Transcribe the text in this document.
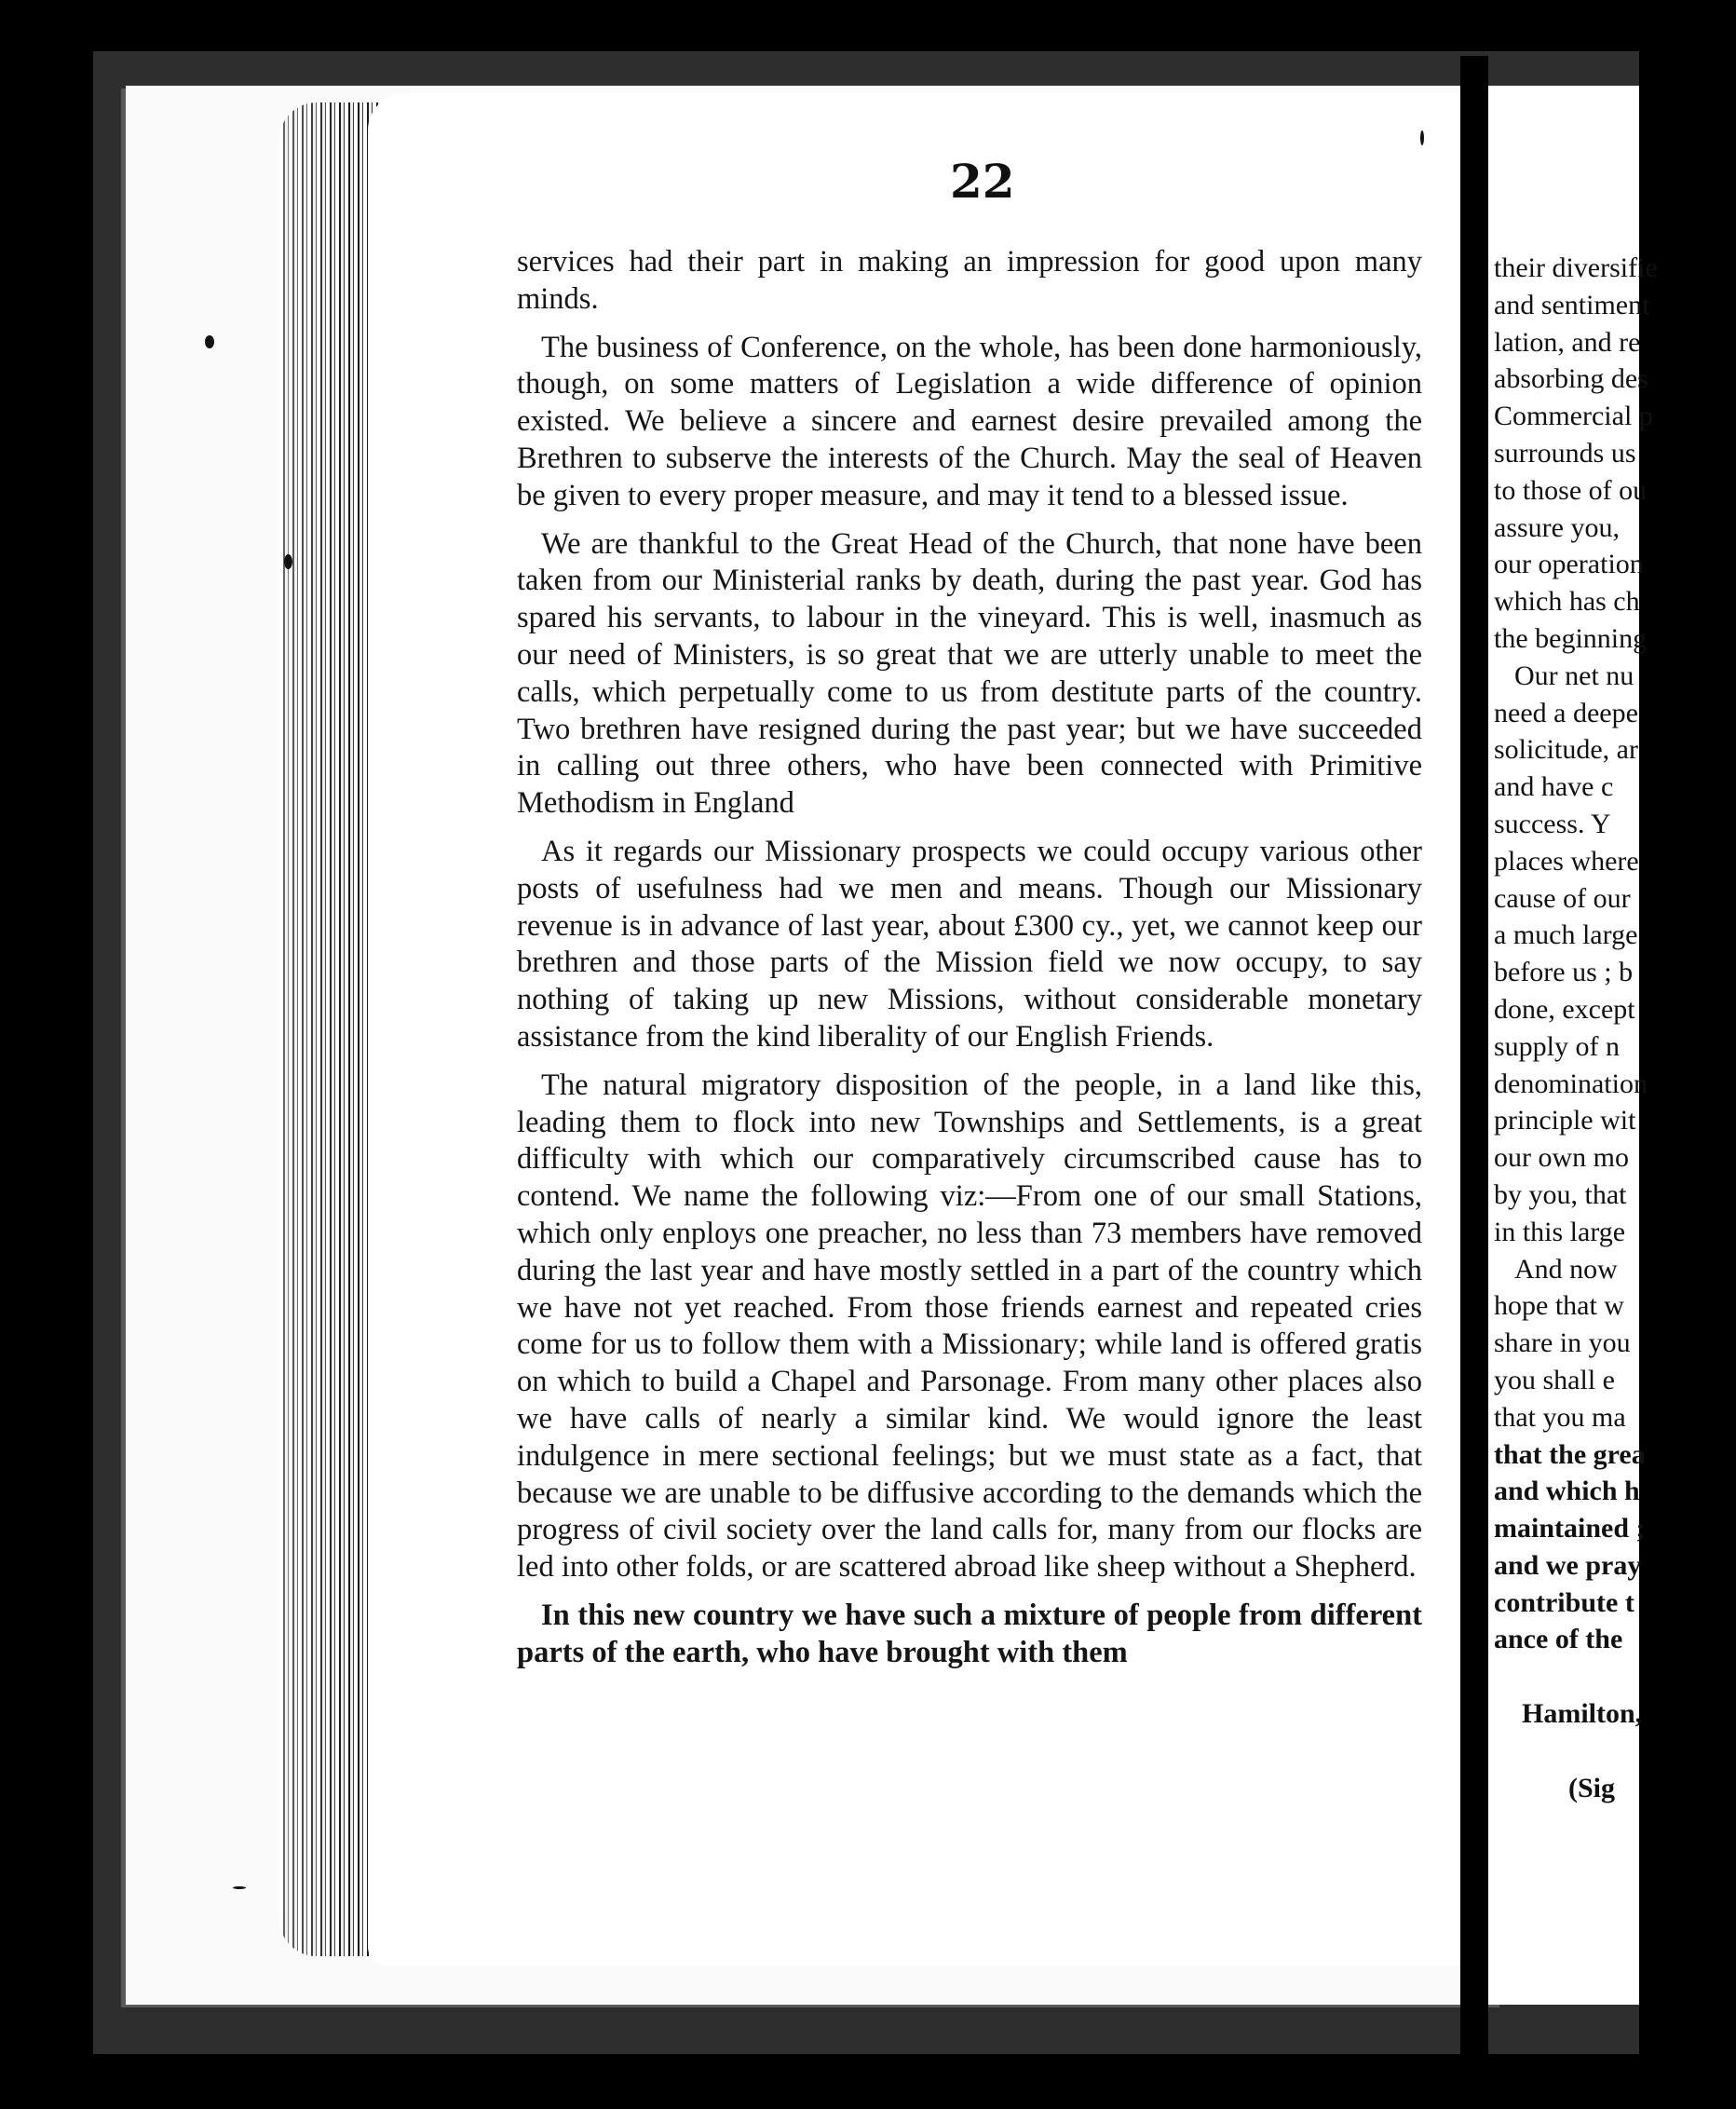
22

services had their part in making an impression for good upon many minds.

The business of Conference, on the whole, has been done harmoniously, though, on some matters of Legislation a wide difference of opinion existed. We believe a sincere and earnest desire prevailed among the Brethren to subserve the interests of the Church. May the seal of Heaven be given to every proper measure, and may it tend to a blessed issue.

We are thankful to the Great Head of the Church, that none have been taken from our Ministerial ranks by death, during the past year. God has spared his servants, to labour in the vineyard. This is well, inasmuch as our need of Ministers, is so great that we are utterly unable to meet the calls, which perpetually come to us from destitute parts of the country. Two brethren have resigned during the past year; but we have succeeded in calling out three others, who have been connected with Primitive Methodism in England

As it regards our Missionary prospects we could occupy various other posts of usefulness had we men and means. Though our Missionary revenue is in advance of last year, about £300 cy., yet, we cannot keep our brethren and those parts of the Mission field we now occupy, to say nothing of taking up new Missions, without considerable monetary assistance from the kind liberality of our English Friends.

The natural migratory disposition of the people, in a land like this, leading them to flock into new Townships and Settlements, is a great difficulty with which our comparatively circumscribed cause has to contend. We name the following viz:—From one of our small Stations, which only enploys one preacher, no less than 73 members have removed during the last year and have mostly settled in a part of the country which we have not yet reached. From those friends earnest and repeated cries come for us to follow them with a Missionary; while land is offered gratis on which to build a Chapel and Parsonage. From many other places also we have calls of nearly a similar kind. We would ignore the least indulgence in mere sectional feelings; but we must state as a fact, that because we are unable to be diffusive according to the demands which the progress of civil society over the land calls for, many from our flocks are led into other folds, or are scattered abroad like sheep without a Shepherd.

In this new country we have such a mixture of people from different parts of the earth, who have brought with them

their diversifie
and sentiment
lation, and re
absorbing des
Commercial p
surrounds us
to those of ou
assure you,
our operation
which has ch
the beginning
Our net nu
need a deepe
solicitude, ar
and have c
success. Y
places where
cause of our
a much large
before us ; b
done, except
supply of n
denomination
principle wit
our own mo
by you, that
in this large
And now
hope that w
share in you
you shall e
that you ma
that the grea
and which h
maintained ;
and we pray
contribute t
ance of the
Hamilton,
(Sig
